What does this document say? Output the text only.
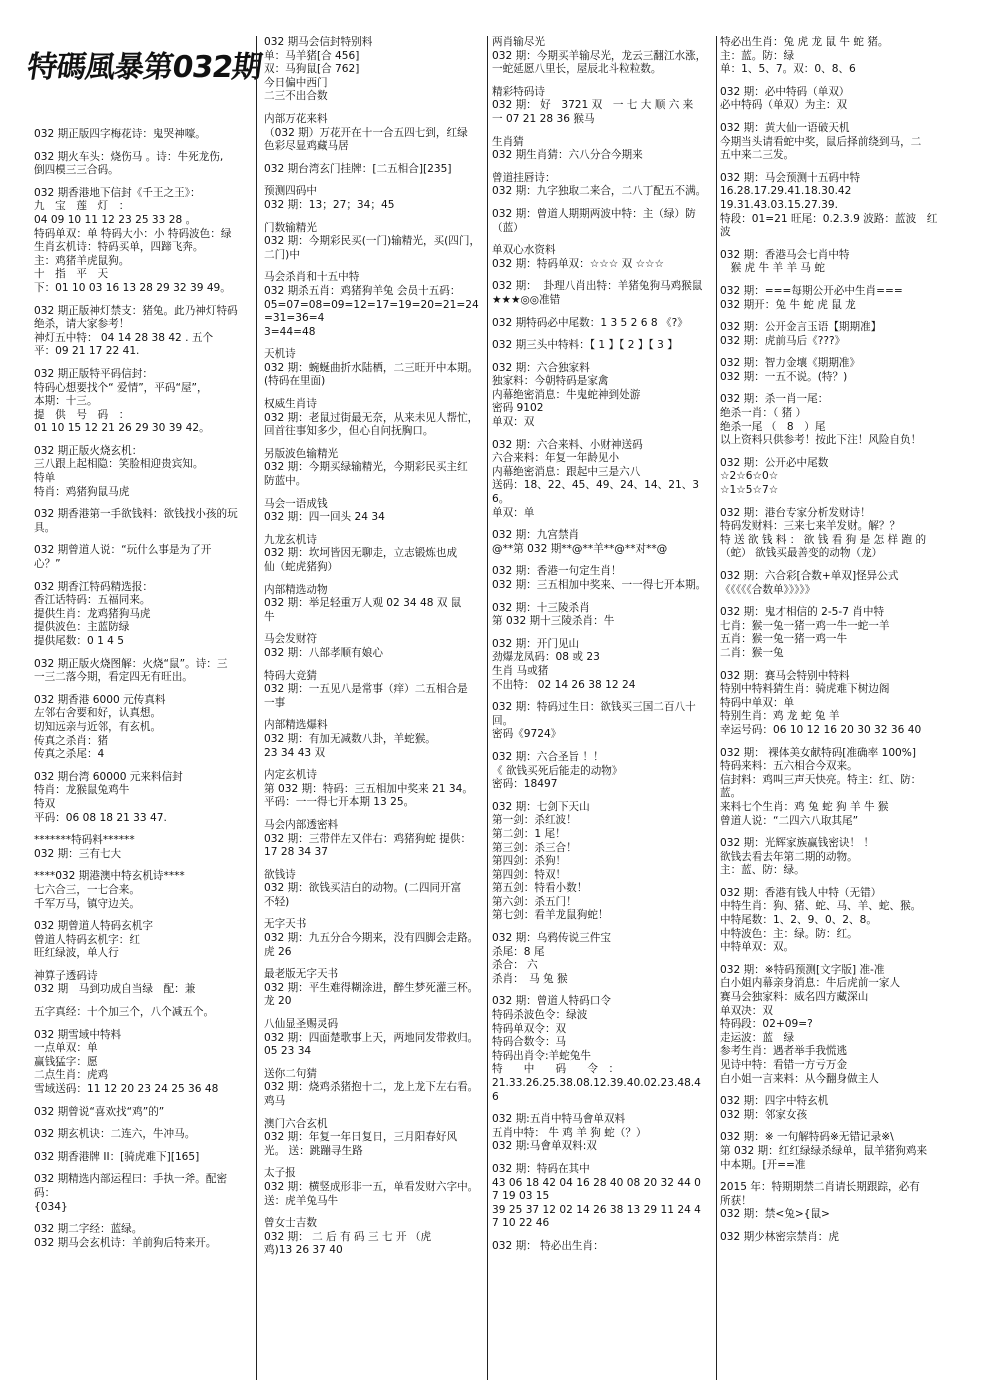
特碼風暴第032期
032 期正版四字梅花诗：鬼哭神嚎。
032 期火车头：烧伤马 。诗：牛死龙伤,
倒四模三三合码。
032 期香港地下信封《千王之王》：
九　宝　莲　灯　：
04 09 10 11 12 23 25 33 28 。
特码单双：单 特码大小：小 特码波色：绿
生肖玄机诗：特码买单，四蹄飞奔。
主：鸡猪羊虎鼠狗。
十　指　平　天
下：01 10 03 16 13 28 29 32 39 49。
032 期正版神灯禁支：猪兔。此乃神灯特码
绝杀，请大家参考！
神灯五中特： 04 14 28 38 42 . 五个
平：09 21 17 22 41.
032 期正版特平码信封：
特码心想要找个“ 爱情”，平码“屋”，
本期：十三。
提　供　号　码　：
01 10 15 12 21 26 29 30 39 42。
032 期正版火烧玄机：
三八跟上起相隐：笑脸相迎贵宾知。
特单
特肖：鸡猪狗鼠马虎
032 期香港第一手欲钱料：欲钱找小孩的玩
具。
032 期曾道人说：“玩什么事是为了开
心？”
032 期香江特码精选报：
香江话特码：五福同来。
提供生肖：龙鸡猪狗马虎
提供波色：主蓝防绿
提供尾数：0 1 4 5
032 期正版火烧图解：火烧“鼠”。诗：三
一三二落今期，看定四无有旺出。
032 期香港 6000 元传真料
左邻右舍要和好，认真想。
切知远亲与近邻，有玄机。
传真之杀肖：猪
传真之杀尾：4
032 期台湾 60000 元来料信封
特肖：龙猴鼠兔鸡牛
特双
平码：06 08 18 21 33 47.
*******特码料******
032 期：三有七大
****032 期港澳中特玄机诗****
七六合三，一七合来。
千军万马，镇守边关。
032 期曾道人特码玄机字
曾道人特码玄机字：红
旺红绿波，单人行
神算子透码诗
032 期　马到功成自当绿　配：兼
五字真经：十个加三个，八个减五个。
032 期雪域中特料
一点单双：单
赢钱猛字：愿
二点生肖：虎鸡
雪域送码：11 12 20 23 24 25 36 48
032 期曾说“喜欢找“鸡”的”
032 期玄机诀：二连六，牛冲马。
032 期香港牌 II：[骑虎难下][165]
032 期精选内部运程曰：手执一斧。配密码：
{034}
032 期二字经：蓝绿。
032 期马会玄机诗：羊前狗后特来开。
032 期马会信封特别料
单：马羊猪[合 456]
双：马狗鼠[合 762]
今日偏中西门
二三不出合数
内部万花来料
（032 期）万花开在十一合五四七到，红绿
色彩尽显鸡藏马居
032 期台湾玄门挂牌：[二五相合][235]
预测四码中
032 期：13；27；34；45
门数输精光
032 期：今期彩民买(一门)输精光，买(四门，
二门)中
马会杀肖和十五中特
032 期杀五肖：鸡猪狗羊兔 会员十五码：
05=07=08=09=12=17=19=20=21=24=31=36=4
3=44=48
天机诗
032 期：蜿蜒曲折水陆栖，二三旺开中本期。
(特码在里面)
权威生肖诗
032 期：老鼠过街最无奈，从来未见人帮忙，
回首往事知多少，但心自问抚胸口。
另版波色输精光
032 期：今期买绿输精光，今期彩民买主红
防蓝中。
马会一语成钱
032 期：四一回头 24 34
九龙玄机诗
032 期：坎坷皆因无聊走，立志锻炼也成
仙（蛇虎猪狗）
内部精选动物
032 期：举足轻重万人观 02 34 48 双 鼠
牛
马会发财符
032 期：八部孝顺有娘心
特码大竞猜
032 期：一五见八是常事（痒）二五相合是
一事
内部精选爆料
032 期：有加无减数八卦，羊蛇猴。
23 34 43 双
内定玄机诗
第 032 期：特码：三五相加中奖来 21 34。
平码：一一得七开本期 13 25。
马会内部透密料
032 期：三带伴左又伴右：鸡猪狗蛇 提供：
17 28 34 37
欲钱诗
032 期：欲钱买洁白的动物。(二四同开富
不轻)
无字天书
032 期：九五分合今期来，没有四脚会走路。
虎 26
最老版无字天书
032 期：平生难得糊涂进，醉生梦死灌三杯。
龙 20
八仙显圣赐灵码
032 期：四面楚歌事上天，两地同发带救归。
05 23 34
送你二句猜
032 期：烧鸡杀猪抱十二，龙上龙下左右看。
鸡马
澳门六合玄机
032 期：年复一年日复日，三月阳春好风
光。 送：跳蹦寻生路
太子报
032 期：横竖成形非一五，单看发财六字中。
送：虎羊兔马牛
曾女士吉数
032 期： 二 后 有 码 三 七 开 （虎
鸡)13 26 37 40
两肖输尽光
032 期：今期买羊输尽光，龙云三翻江水涨，
一蛇延愿八里长，屋辰北斗粒粒数。
精彩特码诗
032 期： 好　3721 双　一 七 大 顺 六 来
一 07 21 28 36 猴马
生肖猜
032 期生肖猜：六八分合今期来
曾道挂唇诗：
032 期：九字独取二来合，二八丁配五不满。
032 期：曾道人期期两波中特：主（绿）防
（蓝）
单双心水资料
032 期：特码单双：☆☆☆ 双 ☆☆☆
032 期：  卦理八肖出特：羊猪兔狗马鸡猴鼠
★★★◎◎准错
032 期特码必中尾数：1 3 5 2 6 8 《?》
032 期三头中特料：【 1 】【 2 】【 3 】
032 期：六合独家料
独家料：今朝特码是家禽
内幕绝密消息：牛鬼蛇神到处游
密码 9102
单双：双
032 期：六合来料、小财神送码
六合来料：年复一年龄见小
内幕绝密消息：跟起中三是六八
送码：18、22、45、49、24、14、21、36。
单双：单
032 期：九宫禁肖
@**第 032 期**@**羊**@**对**@
032 期：香港一句定生肖！
032 期：三五相加中奖来、一一得七开本期。
032 期：十三陵杀肖
第 032 期十三陵杀肖：牛
032 期：开门见山
劲爆龙凤码：08 或 23
生肖 马或猪
不出特： 02 14 26 38 12 24
032 期：特码过生日：欲钱买三国二百八十
回。
密码《9724》
032 期：六合圣旨 ！！
《 欲钱买死后能走的动物》
密码：18497
032 期：七剑下天山
第一剑：杀红波！
第二剑：1 尾！
第三剑：杀三合！
第四剑：杀狗！
第四剑：特双！
第五剑：特看小数！
第六剑：杀五门！
第七剑：看羊龙鼠狗蛇！
032 期：乌鸦传说三件宝
杀尾：8 尾
杀合： 六
杀肖：　马 兔 猴
032 期：曾道人特码口令
特码杀波色令：绿波
特码单双令：双
特码合数令：马
特码出肖令:羊蛇兔牛
特　　中　　码　　令　：
21.33.26.25.38.08.12.39.40.02.23.48.4
6
032 期:五肖中特马會单双料
五肖中特： 牛 鸡 羊 狗 蛇（？）
032 期:马會单双料:双
032 期：特码在其中
43 06 18 42 04 16 28 40 08 20 32 44 0
7 19 03 15
39 25 37 12 02 14 26 38 13 29 11 24 4
7 10 22 46
032 期： 特必出生肖：
特必出生肖：兔 虎 龙 鼠 牛 蛇 猪。
主：蓝。防：绿
单：1、5、7。双：0、8、6
032 期：必中特码（单双）
必中特码（单双）为主：双
032 期：黄大仙一语破天机
今期当头请看蛇中奖，鼠后择前绕到马，二
五中来二三发。
032 期：马会预测十五码中特
16.28.17.29.41.18.30.42
19.31.43.03.15.27.39.
特段：01=21 旺尾：0.2.3.9 波路：蓝波　红
波
032 期：香港马会七肖中特
　猴 虎 牛 羊 羊 马 蛇
032 期：===每期公开必中生肖===
032 期开：兔 牛 蛇 虎 鼠 龙
032 期：公开金言玉语【期期准】
032 期：虎前马后《???》
032 期：智力金壤《期期准》
032 期：一五不说。(特？)
032 期：杀一肖一尾：
绝杀一肖：（ 猪 ）
绝杀一尾 （　8　）尾
以上资料只供参考！按此下注！风险自负！
032 期：公开必中尾数
☆2☆6☆0☆
☆1☆5☆7☆
032 期：港台专家分析发财诗！
特码发财料：三来七来羊发财。解？？
特 送 欲 钱 料 ： 欲 钱 看 狗 是 怎 样 跑 的
（蛇） 欲钱买最善变的动物（龙）
032 期：六合彩[合数+单双]怪异公式
《《《《《合数单》》》》》
032 期：鬼才相信的 2-5-7 肖中特
七肖：猴一兔一猪一鸡一牛一蛇一羊
五肖：猴一兔一猪一鸡一牛
二肖：猴一兔
032 期：赛马会特别中特料
特别中特料猜生肖：骑虎难下树边阁
特码中单双：单
特别生肖：鸡 龙 蛇 兔 羊
幸运号码：06 10 12 16 20 30 32 36 40
032 期： 裸体美女献特码[准确率 100%]
特码来料：五六相合今双来。
信封料：鸡叫三声天快亮。特主：红、防：
蓝。
来料七个生肖：鸡 兔 蛇 狗 羊 牛 猴
曾道人说：“二四六八取其尾”
032 期：光辉家族赢钱密诀！ ！
欲钱去看去年第二期的动物。
主：蓝、防：绿。
032 期：香港有钱人中特（无错）
中特生肖：狗、猪、蛇、马、羊、蛇、猴。
中特尾数：1、2、9、0、2、8。
中特波色：主：绿。防：红。
中特单双：双。
032 期：※特码预测[文字版] 准-准
白小姐内幕亲身消息：牛后虎前一家人
赛马会独家料：威名四方藏深山
单双决：双
特码段：02+09=?
走运波：蓝　绿
参考生肖：遇者举手我慌逃
见诗中特：看错一方亏万金
白小姐一言来料：从今翻身做主人
032 期：四字中特玄机
032 期：邻家女孩
032 期：※ 一句解特码※无错记录※\
第 032 期：红红绿绿杀绿单，鼠羊猪狗鸡来
中本期。[开==准
2015 年：特期期禁二肖请长期跟踪，必有
所获！
032 期：禁<兔>{鼠>
032 期少林密宗禁肖：虎
